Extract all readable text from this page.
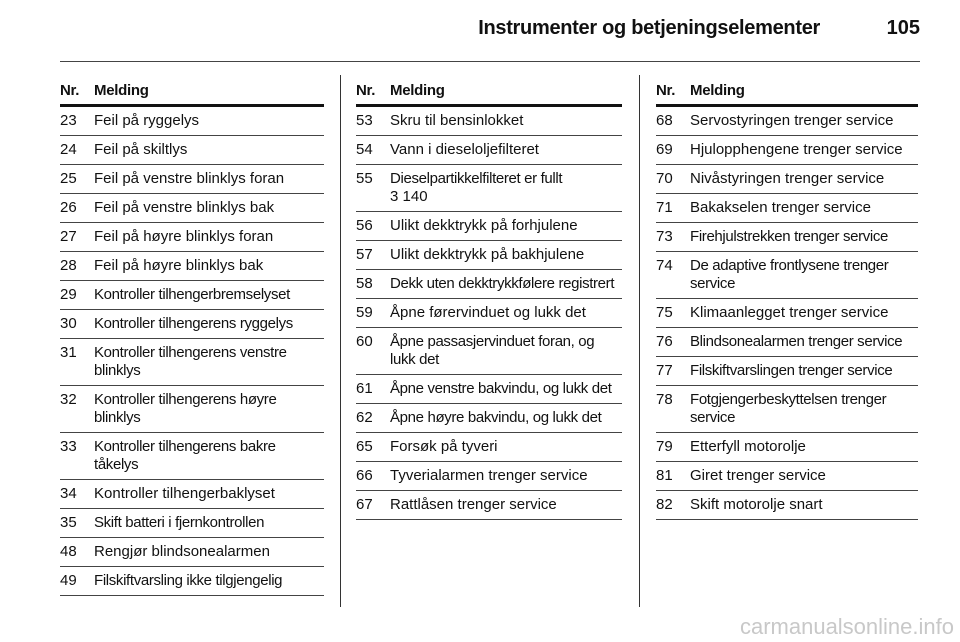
Instrumenter og betjeningselementer	105
Nr. Melding
23	Feil på ryggelys
24	Feil på skiltlys
25	Feil på venstre blinklys foran
26	Feil på venstre blinklys bak
27	Feil på høyre blinklys foran
28	Feil på høyre blinklys bak
29	Kontroller tilhengerbremselyset
30	Kontroller tilhengerens ryggelys
31	Kontroller tilhengerens venstre blinklys
32	Kontroller tilhengerens høyre blinklys
33	Kontroller tilhengerens bakre tåkelys
34	Kontroller tilhengerbaklyset
35	Skift batteri i fjernkontrollen
48	Rengjør blindsonealarmen
49	Filskiftvarsling ikke tilgjengelig
Nr. Melding
53	Skru til bensinlokket
54	Vann i dieseloljefilteret
55	Dieselpartikkelfilteret er fullt
3 140
56	Ulikt dekktrykk på forhjulene
57	Ulikt dekktrykk på bakhjulene
58	Dekk uten dekktrykkfølere registrert
59	Åpne førervinduet og lukk det
60	Åpne passasjervinduet foran, og lukk det
61	Åpne venstre bakvindu, og lukk det
62	Åpne høyre bakvindu, og lukk det
65	Forsøk på tyveri
66	Tyverialarmen trenger service
67	Rattlåsen trenger service
Nr. Melding
68	Servostyringen trenger service
69	Hjulopphengene trenger service
70	Nivåstyringen trenger service
71	Bakakselen trenger service
73	Firehjulstrekken trenger service
74	De adaptive frontlysene trenger service
75	Klimaanlegget trenger service
76	Blindsonealarmen trenger service
77	Filskiftvarslingen trenger service
78	Fotgjengerbeskyttelsen trenger service
79	Etterfyll motorolje
81	Giret trenger service
82	Skift motorolje snart
carmanualsonline.info
